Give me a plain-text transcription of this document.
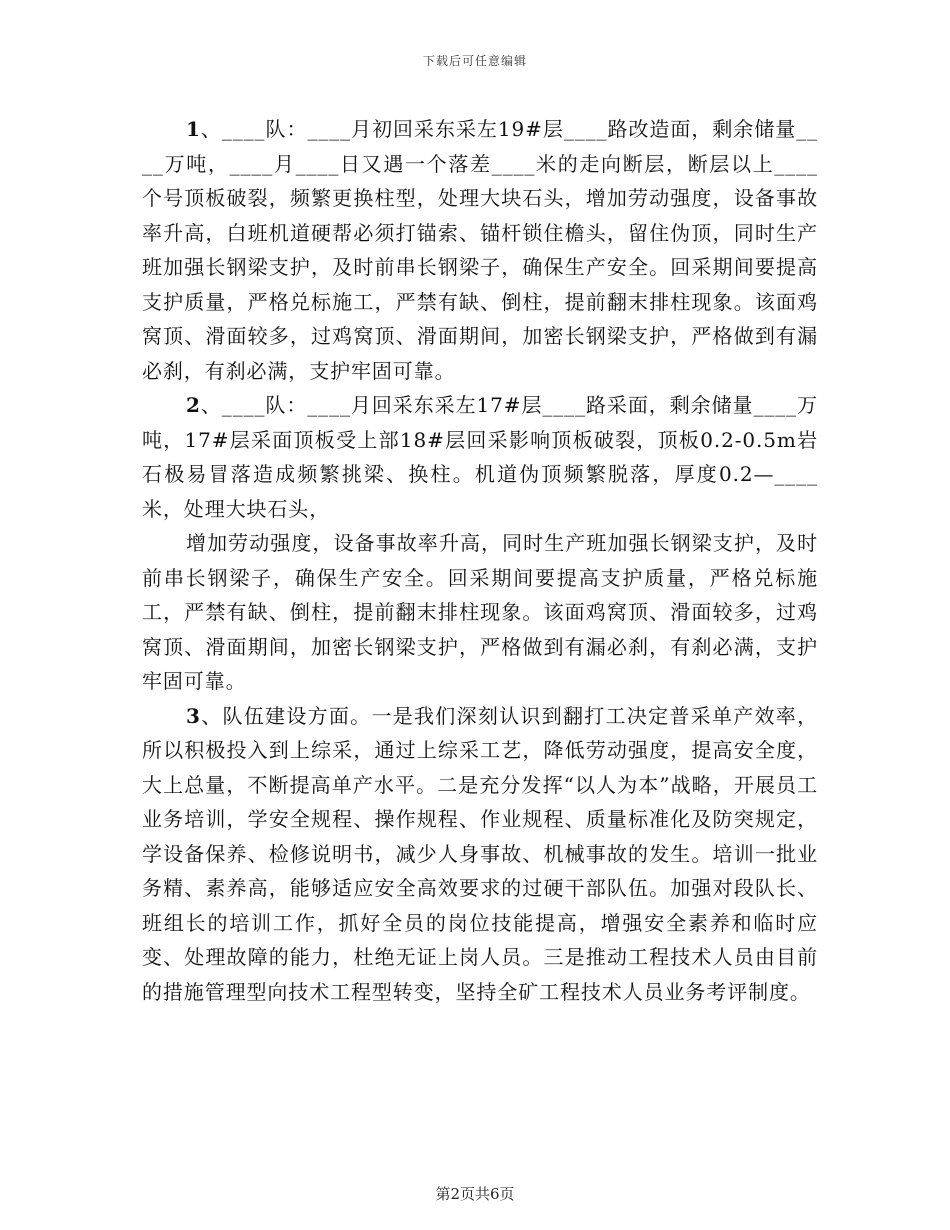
下载后可任意编辑

1、____队：____月初回采东采左19#层____路改造面，剩余储量____万吨，____月____日又遇一个落差____米的走向断层，断层以上____个号顶板破裂，频繁更换柱型，处理大块石头，增加劳动强度，设备事故率升高，白班机道硬帮必须打锚索、锚杆锁住檐头，留住伪顶，同时生产班加强长钢梁支护，及时前串长钢梁子，确保生产安全。回采期间要提高支护质量，严格兑标施工，严禁有缺、倒柱，提前翻末排柱现象。该面鸡窝顶、滑面较多，过鸡窝顶、滑面期间，加密长钢梁支护，严格做到有漏必刹，有刹必满，支护牢固可靠。

2、____队：____月回采东采左17#层____路采面，剩余储量____万吨，17#层采面顶板受上部18#层回采影响顶板破裂，顶板0.2-0.5m岩石极易冒落造成频繁挑梁、换柱。机道伪顶频繁脱落，厚度0.2—____米，处理大块石头，

增加劳动强度，设备事故率升高，同时生产班加强长钢梁支护，及时前串长钢梁子，确保生产安全。回采期间要提高支护质量，严格兑标施工，严禁有缺、倒柱，提前翻末排柱现象。该面鸡窝顶、滑面较多，过鸡窝顶、滑面期间，加密长钢梁支护，严格做到有漏必刹，有刹必满，支护牢固可靠。

3、队伍建设方面。一是我们深刻认识到翻打工决定普采单产效率，所以积极投入到上综采，通过上综采工艺，降低劳动强度，提高安全度，大上总量，不断提高单产水平。二是充分发挥“以人为本”战略，开展员工业务培训，学安全规程、操作规程、作业规程、质量标准化及防突规定，学设备保养、检修说明书，减少人身事故、机械事故的发生。培训一批业务精、素养高，能够适应安全高效要求的过硬干部队伍。加强对段队长、班组长的培训工作，抓好全员的岗位技能提高，增强安全素养和临时应变、处理故障的能力，杜绝无证上岗人员。三是推动工程技术人员由目前的措施管理型向技术工程型转变，坚持全矿工程技术人员业务考评制度。

第2页共6页
